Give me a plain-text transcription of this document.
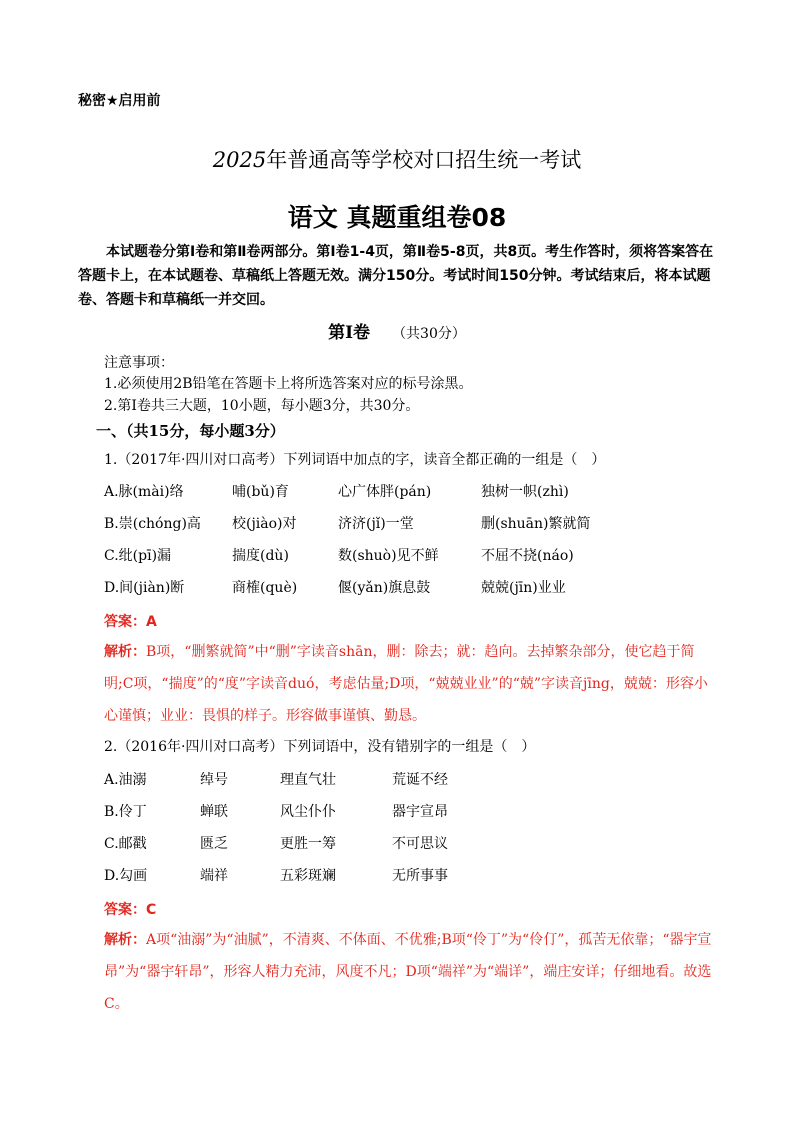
秘密★启用前
2025年普通高等学校对口招生统一考试
语文 真题重组卷08
本试题卷分第Ⅰ卷和第Ⅱ卷两部分。第Ⅰ卷1-4页，第Ⅱ卷5-8页，共8页。考生作答时，须将答案答在答题卡上，在本试题卷、草稿纸上答题无效。满分150分。考试时间150分钟。考试结束后，将本试题卷、答题卡和草稿纸一并交回。
第Ⅰ卷 （共30分）
注意事项：
1.必须使用2B铅笔在答题卡上将所选答案对应的标号涂黑。
2.第Ⅰ卷共三大题，10小题，每小题3分，共30分。
一、（共15分，每小题3分）
1.（2017年·四川对口高考）下列词语中加点的字，读音全都正确的一组是（　）
A.脉(mài)络	哺(bǔ)育	心广体胖(pán)	独树一帜(zhì)
B.崇(chóng)高 校(jiào)对	济济(jǐ)一堂	删(shuān)繁就简
C.纰(pī)漏	揣度(dù)	数(shuò)见不鲜	不屈不挠(náo)
D.间(jiàn)断	商榷(què)	偃(yǎn)旗息鼓	兢兢(jīn)业业
答案：A
解析：B项，“删繁就简”中“删”字读音shān，删：除去；就：趋向。去掉繁杂部分，使它趋于简明;C项，“揣度”的“度”字读音duó，考虑估量;D项，“兢兢业业”的“兢”字读音jīng，兢兢：形容小心谨慎；业业：畏惧的样子。形容做事谨慎、勤恳。
2.（2016年·四川对口高考）下列词语中，没有错别字的一组是（　）
A.油溺	绰号	理直气壮	荒诞不经
B.伶丁	蝉联	风尘仆仆	器宇宣昂
C.邮戳	匮乏	更胜一筹	不可思议
D.勾画	端祥	五彩斑斓	无所事事
答案：C
解析：A项“油溺”为“油腻”，不清爽、不体面、不优雅;B项“伶丁”为“伶仃”，孤苦无依靠；“器宇宣昂”为“器宇轩昂”，形容人精力充沛，风度不凡；D项“端祥”为“端详”，端庄安详；仔细地看。故选C。
